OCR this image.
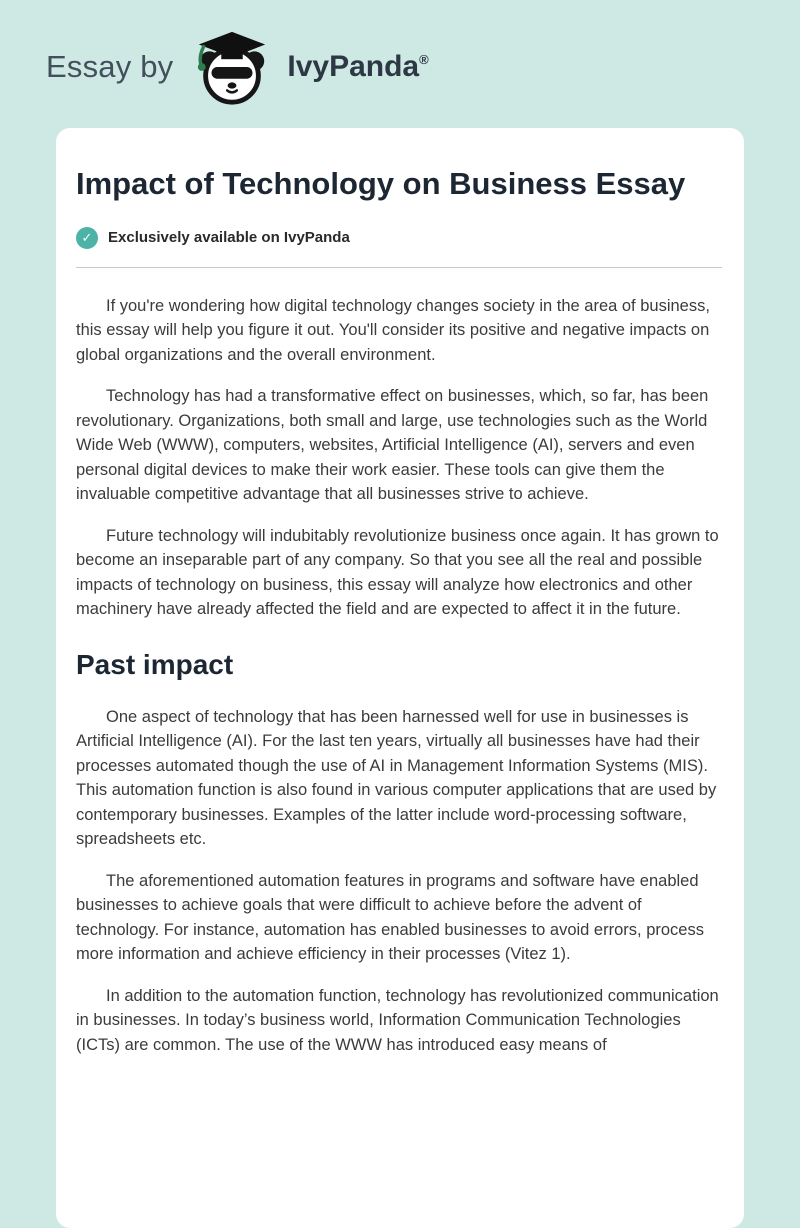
Essay by	IvyPanda ®
Impact of Technology on Business Essay
✓	Exclusively available on IvyPanda

If you're wondering how digital technology changes society in the area of business, this essay will help you figure it out. You'll consider its positive and negative impacts on global organizations and the overall environment.

Technology has had a transformative effect on businesses, which, so far, has been revolutionary. Organizations, both small and large, use technologies such as the World Wide Web (WWW), computers, websites, Artificial Intelligence (AI), servers and even personal digital devices to make their work easier. These tools can give them the invaluable competitive advantage that all businesses strive to achieve.

Future technology will indubitably revolutionize business once again. It has grown to become an inseparable part of any company. So that you see all the real and possible impacts of technology on business, this essay will analyze how electronics and other machinery have already affected the field and are expected to affect it in the future.

Past impact

One aspect of technology that has been harnessed well for use in businesses is Artificial Intelligence (AI). For the last ten years, virtually all businesses have had their processes automated though the use of AI in Management Information Systems (MIS). This automation function is also found in various computer applications that are used by contemporary businesses. Examples of the latter include word-processing software, spreadsheets etc.

The aforementioned automation features in programs and software have enabled businesses to achieve goals that were difficult to achieve before the advent of technology. For instance, automation has enabled businesses to avoid errors, process more information and achieve efficiency in their processes (Vitez 1).

In addition to the automation function, technology has revolutionized communication in businesses. In today’s business world, Information Communication Technologies (ICTs) are common. The use of the WWW has introduced easy means of
